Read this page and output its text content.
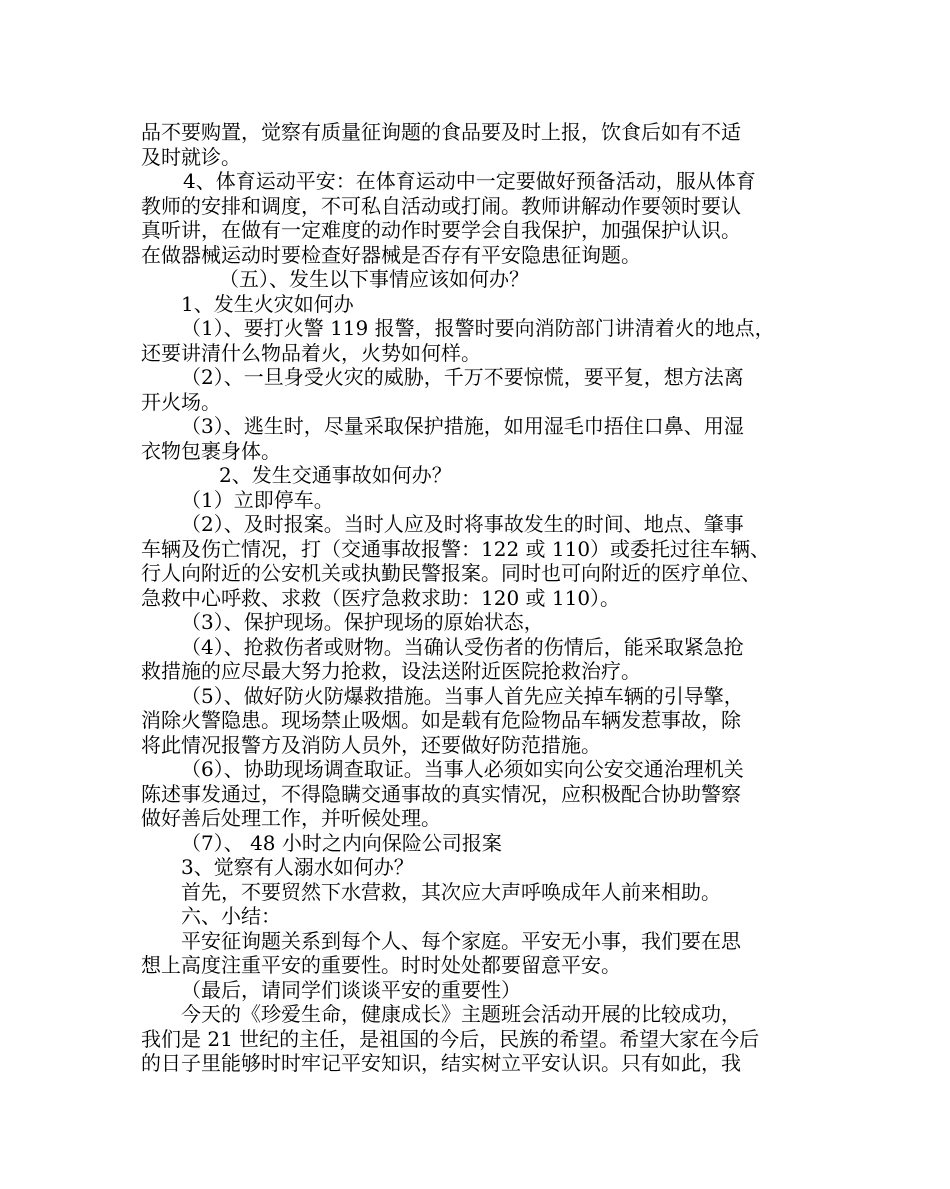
品不要购置，觉察有质量征询题的食品要及时上报，饮食后如有不适

及时就诊。

4、体育运动平安：在体育运动中一定要做好预备活动，服从体育

教师的安排和调度，不可私自活动或打闹。教师讲解动作要领时要认

真听讲，在做有一定难度的动作时要学会自我保护，加强保护认识。

在做器械运动时要检查好器械是否存有平安隐患征询题。

（五）、发生以下事情应该如何办？

1、发生火灾如何办

（1）、要打火警 119 报警，报警时要向消防部门讲清着火的地点，

还要讲清什么物品着火，火势如何样。

（2）、一旦身受火灾的威胁，千万不要惊慌，要平复，想方法离

开火场。

（3）、逃生时，尽量采取保护措施，如用湿毛巾捂住口鼻、用湿

衣物包裹身体。

2、发生交通事故如何办？

（1）立即停车。

（2）、及时报案。当时人应及时将事故发生的时间、地点、肇事

车辆及伤亡情况，打（交通事故报警：122 或 110）或委托过往车辆、

行人向附近的公安机关或执勤民警报案。同时也可向附近的医疗单位、

急救中心呼救、求救（医疗急救求助：120 或 110）。

（3）、保护现场。保护现场的原始状态，

（4）、抢救伤者或财物。当确认受伤者的伤情后，能采取紧急抢

救措施的应尽最大努力抢救，设法送附近医院抢救治疗。

（5）、做好防火防爆救措施。当事人首先应关掉车辆的引导擎，

消除火警隐患。现场禁止吸烟。如是载有危险物品车辆发惹事故，除

将此情况报警方及消防人员外，还要做好防范措施。

（6）、协助现场调查取证。当事人必须如实向公安交通治理机关

陈述事发通过，不得隐瞒交通事故的真实情况，应积极配合协助警察

做好善后处理工作，并听候处理。

（7）、 48 小时之内向保险公司报案

3、觉察有人溺水如何办？

首先，不要贸然下水营救，其次应大声呼唤成年人前来相助。

六、小结：

平安征询题关系到每个人、每个家庭。平安无小事，我们要在思

想上高度注重平安的重要性。时时处处都要留意平安。

（最后，请同学们谈谈平安的重要性）

今天的《珍爱生命，健康成长》主题班会活动开展的比较成功，

我们是 21 世纪的主任，是祖国的今后，民族的希望。希望大家在今后

的日子里能够时时牢记平安知识，结实树立平安认识。只有如此，我
